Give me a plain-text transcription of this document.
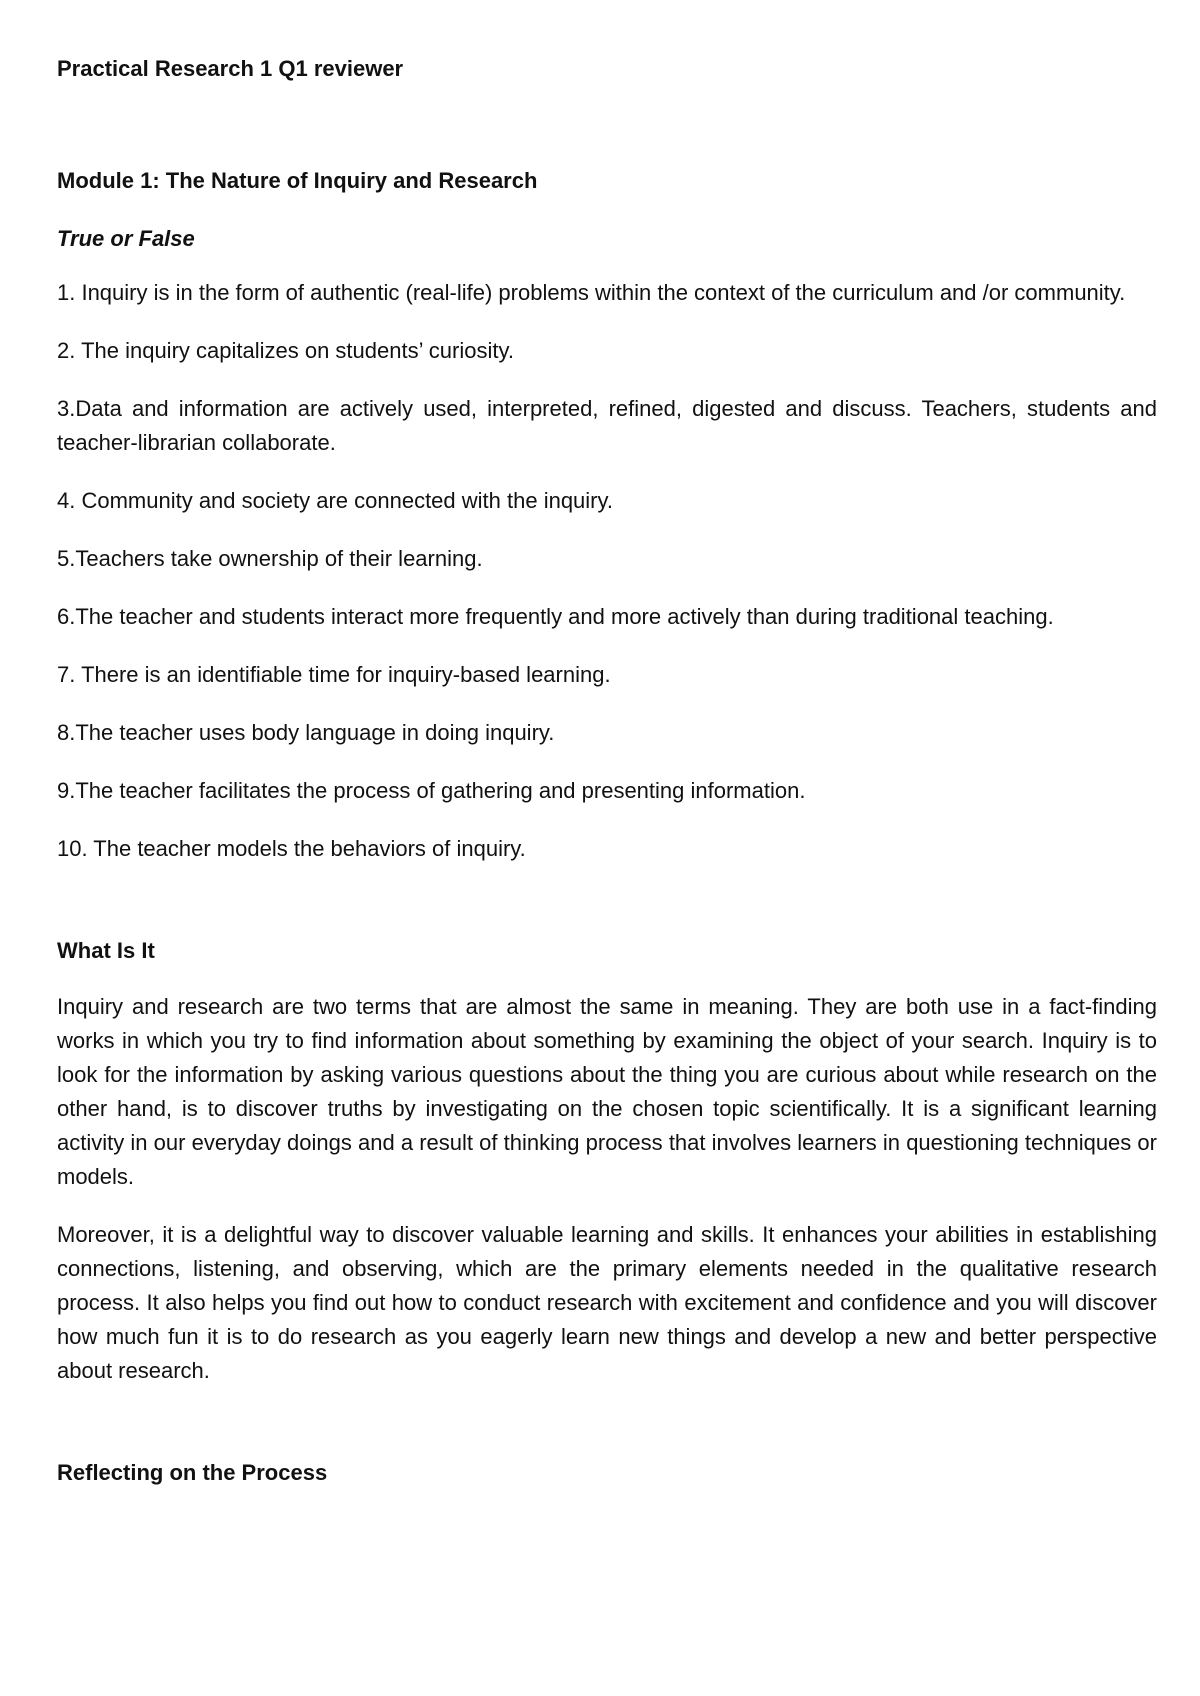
Practical Research 1 Q1 reviewer
Module 1: The Nature of Inquiry and Research
True or False
1. Inquiry is in the form of authentic (real-life) problems within the context of the curriculum and /or community.
2. The inquiry capitalizes on students’ curiosity.
3.Data and information are actively used, interpreted, refined, digested and discuss. Teachers, students and teacher-librarian collaborate.
4. Community and society are connected with the inquiry.
5.Teachers take ownership of their learning.
6.The teacher and students interact more frequently and more actively than during traditional teaching.
7. There is an identifiable time for inquiry-based learning.
8.The teacher uses body language in doing inquiry.
9.The teacher facilitates the process of gathering and presenting information.
10. The teacher models the behaviors of inquiry.
What Is It

Inquiry and research are two terms that are almost the same in meaning. They are both use in a fact-finding works in which you try to find information about something by examining the object of your search. Inquiry is to look for the information by asking various questions about the thing you are curious about while research on the other hand, is to discover truths by investigating on the chosen topic scientifically. It is a significant learning activity in our everyday doings and a result of thinking process that involves learners in questioning techniques or models.

Moreover, it is a delightful way to discover valuable learning and skills. It enhances your abilities in establishing connections, listening, and observing, which are the primary elements needed in the qualitative research process. It also helps you find out how to conduct research with excitement and confidence and you will discover how much fun it is to do research as you eagerly learn new things and develop a new and better perspective about research.

Reflecting on the Process
